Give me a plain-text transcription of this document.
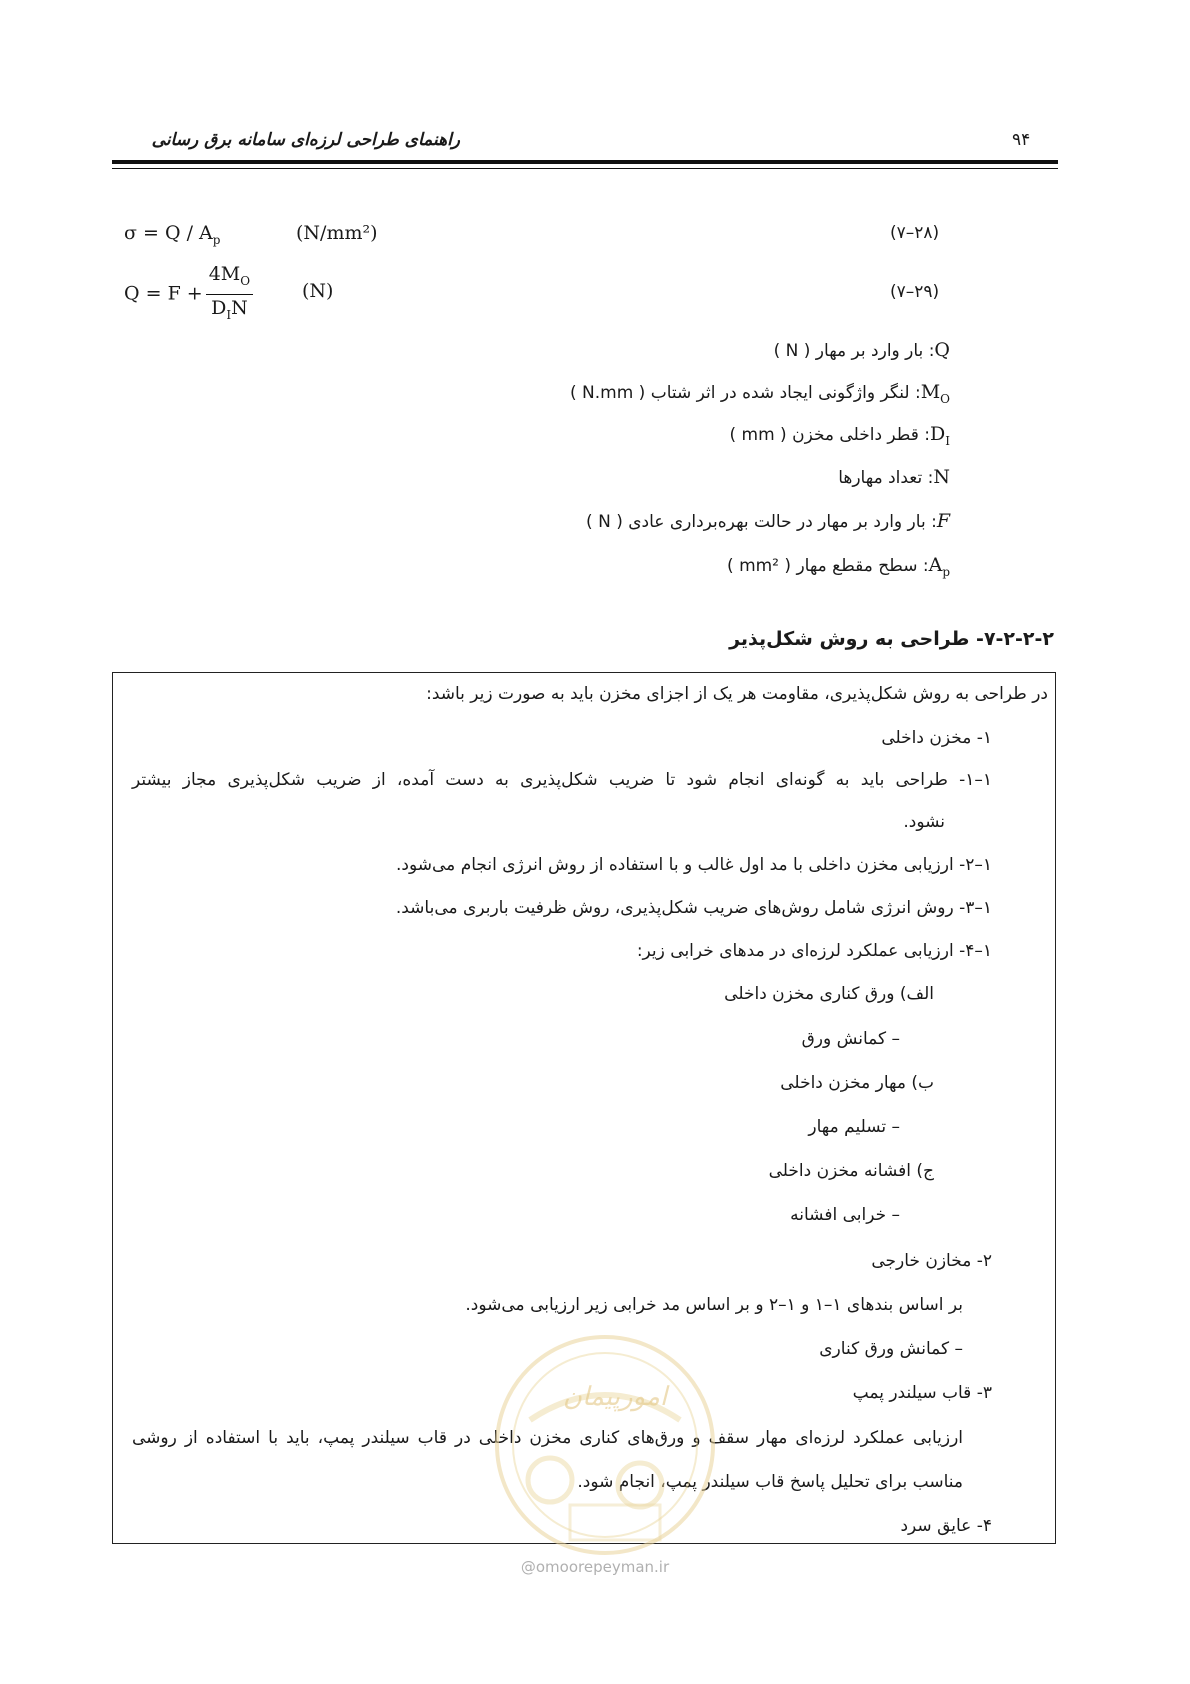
راهنمای طراحی لرزه‌ای سامانه برق رسانی	۹۴
$\sigma = Q / A_p$	(N/mm²)	(۲۸–۷)
$Q = F + \frac{4M_O}{D_IN}$	(N)	(۲۹–۷)
Q: بار وارد بر مهار ( N )
$M_O$: لنگر واژگونی ایجاد شده در اثر شتاب ( N.mm )
$D_I$: قطر داخلی مخزن ( mm )
N: تعداد مهارها
F: بار وارد بر مهار در حالت بهره‌برداری عادی ( N )
$A_p$: سطح مقطع مهار ( mm² )
۷-۲-۲-۲- طراحی به روش شکل‌پذیر
در طراحی به روش شکل‌پذیری، مقاومت هر یک از اجزای مخزن باید به صورت زیر باشد:
۱- مخزن داخلی
۱–۱- طراحی باید به گونه‌ای انجام شود تا ضریب شکل‌پذیری به دست آمده، از ضریب شکل‌پذیری مجاز بیشتر
نشود.
۱–۲- ارزیابی مخزن داخلی با مد اول غالب و با استفاده از روش انرژی انجام می‌شود.
۱–۳- روش انرژی شامل روش‌های ضریب شکل‌پذیری، روش ظرفیت باربری می‌باشد.
۱–۴- ارزیابی عملکرد لرزه‌ای در مدهای خرابی زیر:
الف) ورق کناری مخزن داخلی
– کمانش ورق
ب) مهار مخزن داخلی
– تسلیم مهار
ج) افشانه مخزن داخلی
– خرابی افشانه
۲- مخازن خارجی
بر اساس بندهای ۱–۱ و ۱–۲ و بر اساس مد خرابی زیر ارزیابی می‌شود.
– کمانش ورق کناری
۳- قاب سیلندر پمپ
ارزیابی عملکرد لرزه‌ای مهار سقف و ورق‌های کناری مخزن داخلی در قاب سیلندر پمپ، باید با استفاده از روشی
مناسب برای تحلیل پاسخ قاب سیلندر پمپ، انجام شود.
۴- عایق سرد
امورپیمان
@omoorepeyman.ir
